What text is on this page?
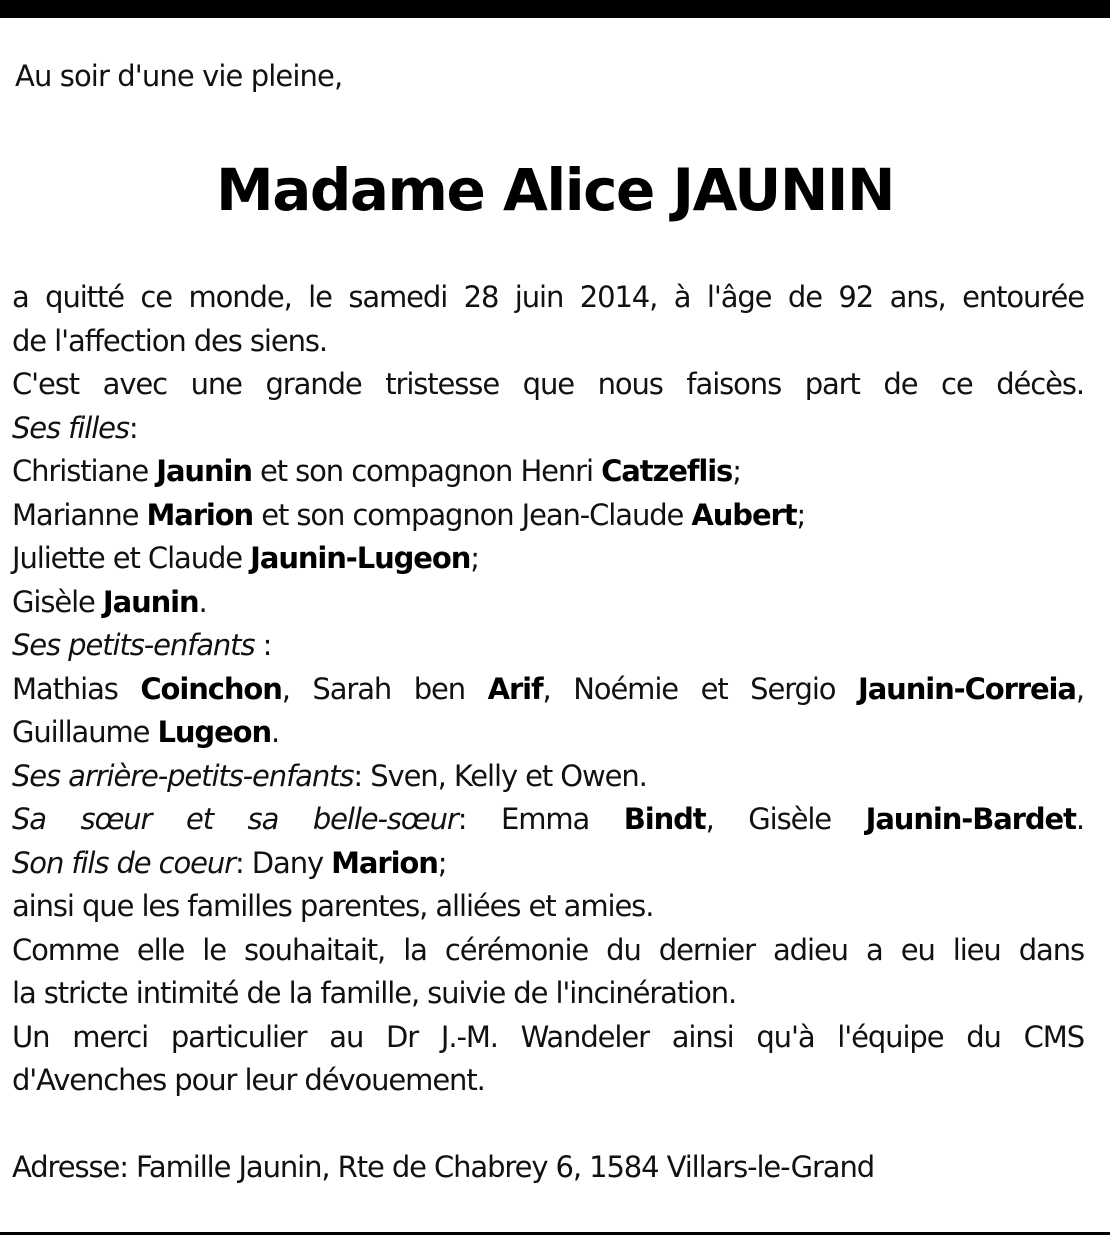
Au soir d'une vie pleine,
Madame Alice JAUNIN
a quitté ce monde, le samedi 28 juin 2014, à l'âge de 92 ans, entourée
de l'affection des siens.
C'est avec une grande tristesse que nous faisons part de ce décès.
Ses filles:
Christiane Jaunin et son compagnon Henri Catzeflis;
Marianne Marion et son compagnon Jean-Claude Aubert;
Juliette et Claude Jaunin-Lugeon;
Gisèle Jaunin.
Ses petits-enfants :
Mathias Coinchon, Sarah ben Arif, Noémie et Sergio Jaunin-Correia,
Guillaume Lugeon.
Ses arrière-petits-enfants: Sven, Kelly et Owen.
Sa sœur et sa belle-sœur: Emma Bindt, Gisèle Jaunin-Bardet.
Son fils de coeur: Dany Marion;
ainsi que les familles parentes, alliées et amies.
Comme elle le souhaitait, la cérémonie du dernier adieu a eu lieu dans
la stricte intimité de la famille, suivie de l'incinération.
Un merci particulier au Dr J.-M. Wandeler ainsi qu'à l'équipe du CMS
d'Avenches pour leur dévouement.
Adresse: Famille Jaunin, Rte de Chabrey 6, 1584 Villars-le-Grand
